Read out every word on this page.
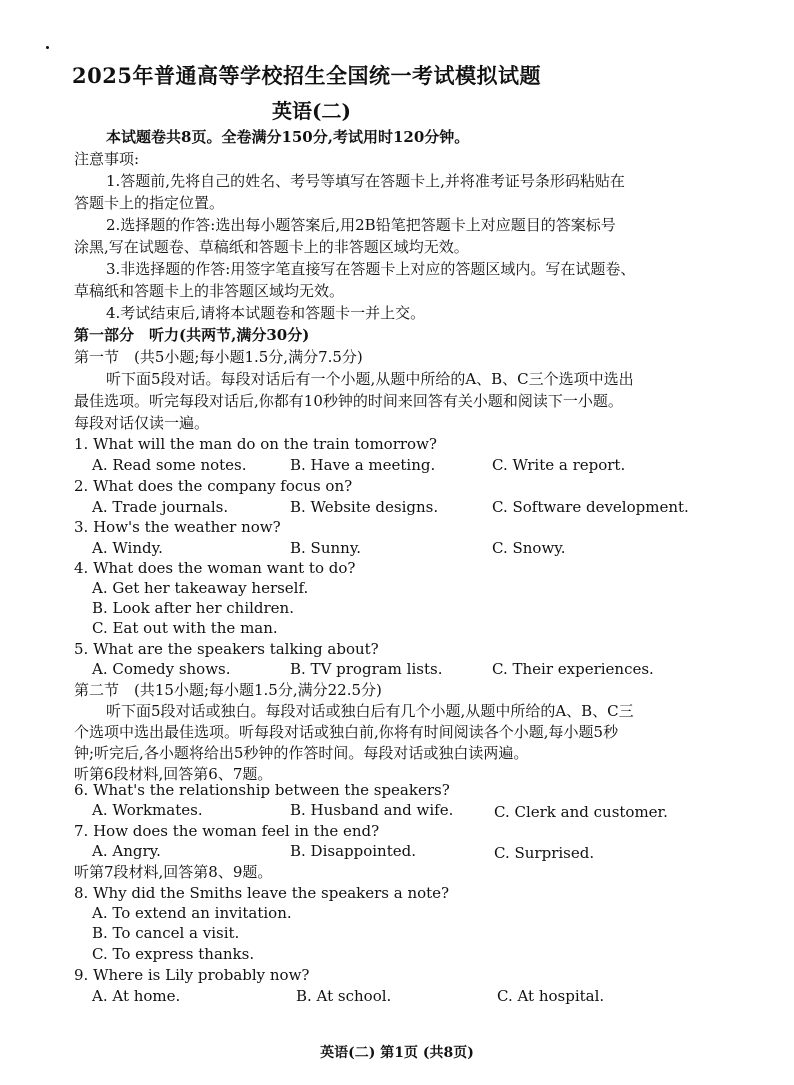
2025年普通高等学校招生全国统一考试模拟试题
英语(二)
本试题卷共8页。全卷满分150分,考试用时120分钟。
注意事项:
1.答题前,先将自己的姓名、考号等填写在答题卡上,并将准考证号条形码粘贴在
答题卡上的指定位置。
2.选择题的作答:选出每小题答案后,用2B铅笔把答题卡上对应题目的答案标号
涂黑,写在试题卷、草稿纸和答题卡上的非答题区域均无效。
3.非选择题的作答:用签字笔直接写在答题卡上对应的答题区域内。写在试题卷、
草稿纸和答题卡上的非答题区域均无效。
4.考试结束后,请将本试题卷和答题卡一并上交。
第一部分　听力(共两节,满分30分)
第一节　(共5小题;每小题1.5分,满分7.5分)
听下面5段对话。每段对话后有一个小题,从题中所给的A、B、C三个选项中选出
最佳选项。听完每段对话后,你都有10秒钟的时间来回答有关小题和阅读下一小题。
每段对话仅读一遍。
1. What will the man do on the train tomorrow?
A. Read some notes.	B. Have a meeting.	C. Write a report.
2. What does the company focus on?
A. Trade journals.	B. Website designs.	C. Software development.
3. How's the weather now?
A. Windy.	B. Sunny.	C. Snowy.
4. What does the woman want to do?
A. Get her takeaway herself.
B. Look after her children.
C. Eat out with the man.
5. What are the speakers talking about?
A. Comedy shows.	B. TV program lists.	C. Their experiences.
第二节　(共15小题;每小题1.5分,满分22.5分)
听下面5段对话或独白。每段对话或独白后有几个小题,从题中所给的A、B、C三
个选项中选出最佳选项。听每段对话或独白前,你将有时间阅读各个小题,每小题5秒
钟;听完后,各小题将给出5秒钟的作答时间。每段对话或独白读两遍。
听第6段材料,回答第6、7题。
6. What's the relationship between the speakers?
A. Workmates.	B. Husband and wife.	C. Clerk and customer.
7. How does the woman feel in the end?
A. Angry.	B. Disappointed.	C. Surprised.
听第7段材料,回答第8、9题。
8. Why did the Smiths leave the speakers a note?
A. To extend an invitation.
B. To cancel a visit.
C. To express thanks.
9. Where is Lily probably now?
A. At home.	B. At school.	C. At hospital.
英语(二) 第1页 (共8页)
